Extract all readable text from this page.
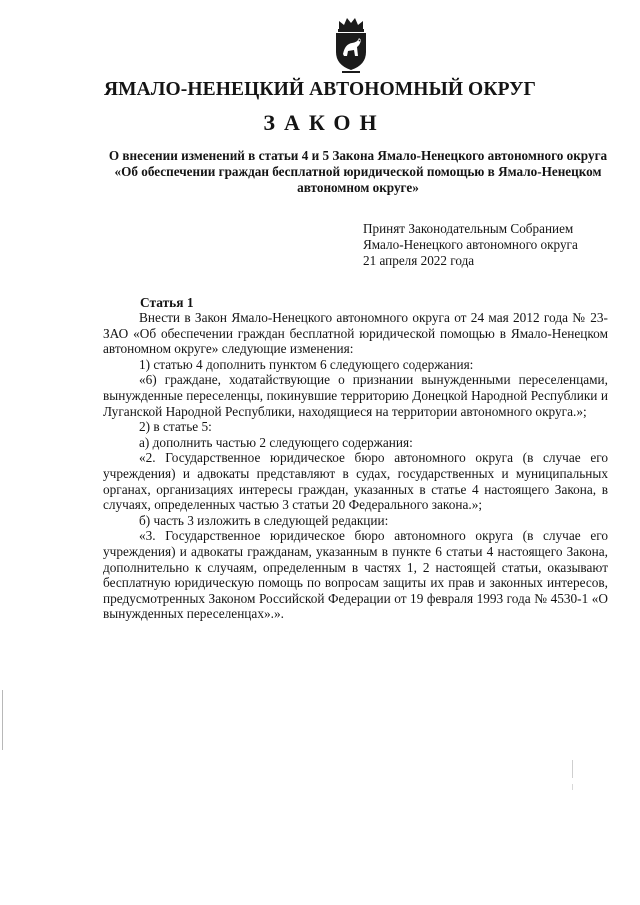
ЯМАЛО-НЕНЕЦКИЙ АВТОНОМНЫЙ ОКРУГ
ЗАКОН

О внесении изменений в статьи 4 и 5 Закона Ямало-Ненецкого автономного округа «Об обеспечении граждан бесплатной юридической помощью в Ямало-Ненецком автономном округе»

Принят Законодательным Собранием
Ямало-Ненецкого автономного округа
21 апреля 2022 года

Статья 1

Внести в Закон Ямало-Ненецкого автономного округа от 24 мая 2012 года № 23-ЗАО «Об обеспечении граждан бесплатной юридической помощью в Ямало-Ненецком автономном округе» следующие изменения:

1) статью 4 дополнить пунктом 6 следующего содержания:

«6) граждане, ходатайствующие о признании вынужденными переселенцами, вынужденные переселенцы, покинувшие территорию Донецкой Народной Республики и Луганской Народной Республики, находящиеся на территории автономного округа.»;

2) в статье 5:

а) дополнить частью 2 следующего содержания:

«2. Государственное юридическое бюро автономного округа (в случае его учреждения) и адвокаты представляют в судах, государственных и муниципальных органах, организациях интересы граждан, указанных в статье 4 настоящего Закона, в случаях, определенных частью 3 статьи 20 Федерального закона.»;

б) часть 3 изложить в следующей редакции:

«3. Государственное юридическое бюро автономного округа (в случае его учреждения) и адвокаты гражданам, указанным в пункте 6 статьи 4 настоящего Закона, дополнительно к случаям, определенным в частях 1, 2 настоящей статьи, оказывают бесплатную юридическую помощь по вопросам защиты их прав и законных интересов, предусмотренных Законом Российской Федерации от 19 февраля 1993 года № 4530-1 «О вынужденных переселенцах».».
